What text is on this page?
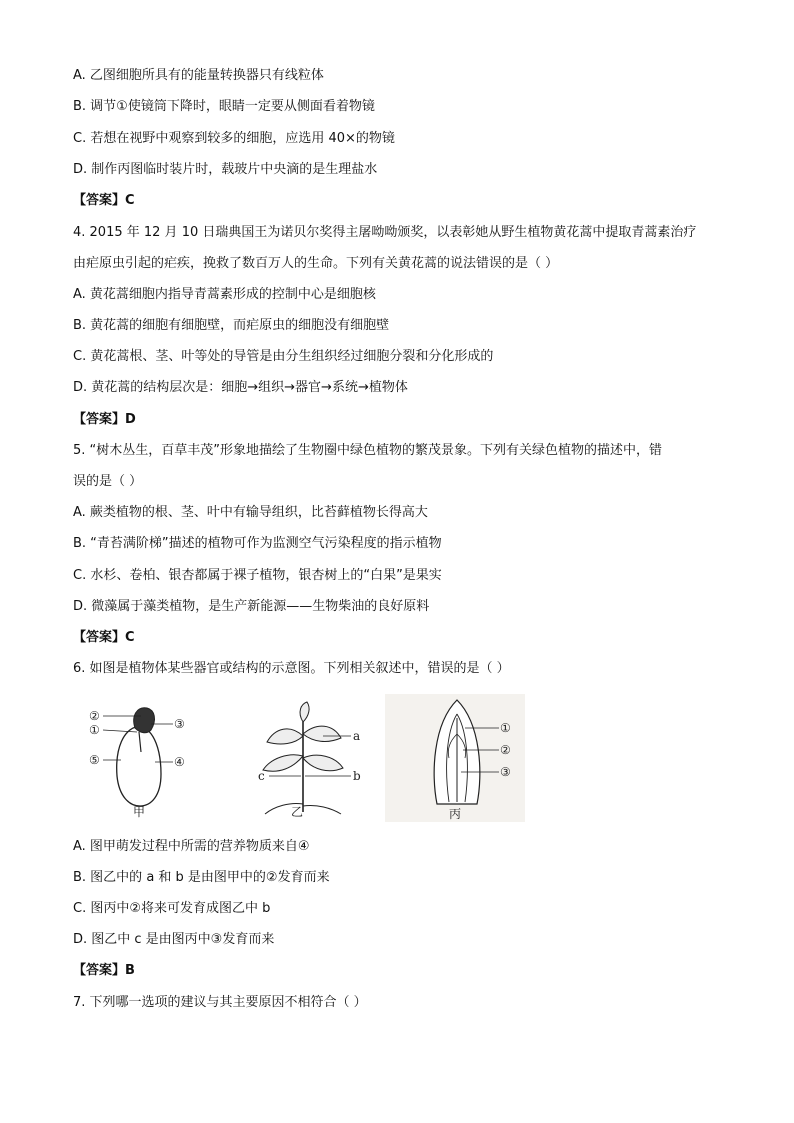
A. 乙图细胞所具有的能量转换器只有线粒体
B. 调节①使镜筒下降时，眼睛一定要从侧面看着物镜
C. 若想在视野中观察到较多的细胞，应选用 40×的物镜
D. 制作丙图临时装片时，载玻片中央滴的是生理盐水
【答案】C
4. 2015 年 12 月 10 日瑞典国王为诺贝尔奖得主屠呦呦颁奖，以表彰她从野生植物黄花蒿中提取青蒿素治疗
由疟原虫引起的疟疾，挽救了数百万人的生命。下列有关黄花蒿的说法错误的是（ ）
A. 黄花蒿细胞内指导青蒿素形成的控制中心是细胞核
B. 黄花蒿的细胞有细胞壁，而疟原虫的细胞没有细胞壁
C. 黄花蒿根、茎、叶等处的导管是由分生组织经过细胞分裂和分化形成的
D. 黄花蒿的结构层次是：细胞→组织→器官→系统→植物体
【答案】D
5. “树木丛生，百草丰茂”形象地描绘了生物圈中绿色植物的繁茂景象。下列有关绿色植物的描述中，错
误的是（ ）
A. 蕨类植物的根、茎、叶中有输导组织，比苔藓植物长得高大
B. “青苔满阶梯”描述的植物可作为监测空气污染程度的指示植物
C. 水杉、卷柏、银杏都属于裸子植物，银杏树上的“白果”是果实
D. 微藻属于藻类植物，是生产新能源——生物柴油的良好原料
【答案】C
6. 如图是植物体某些器官或结构的示意图。下列相关叙述中，错误的是（ ）
②
①	③
⑤	④
甲
a
c	b
乙
①
②
③
丙
A. 图甲萌发过程中所需的营养物质来自④
B. 图乙中的 a 和 b 是由图甲中的②发育而来
C. 图丙中②将来可发育成图乙中 b
D. 图乙中 c 是由图丙中③发育而来
【答案】B
7. 下列哪一选项的建议与其主要原因不相符合（ ）
